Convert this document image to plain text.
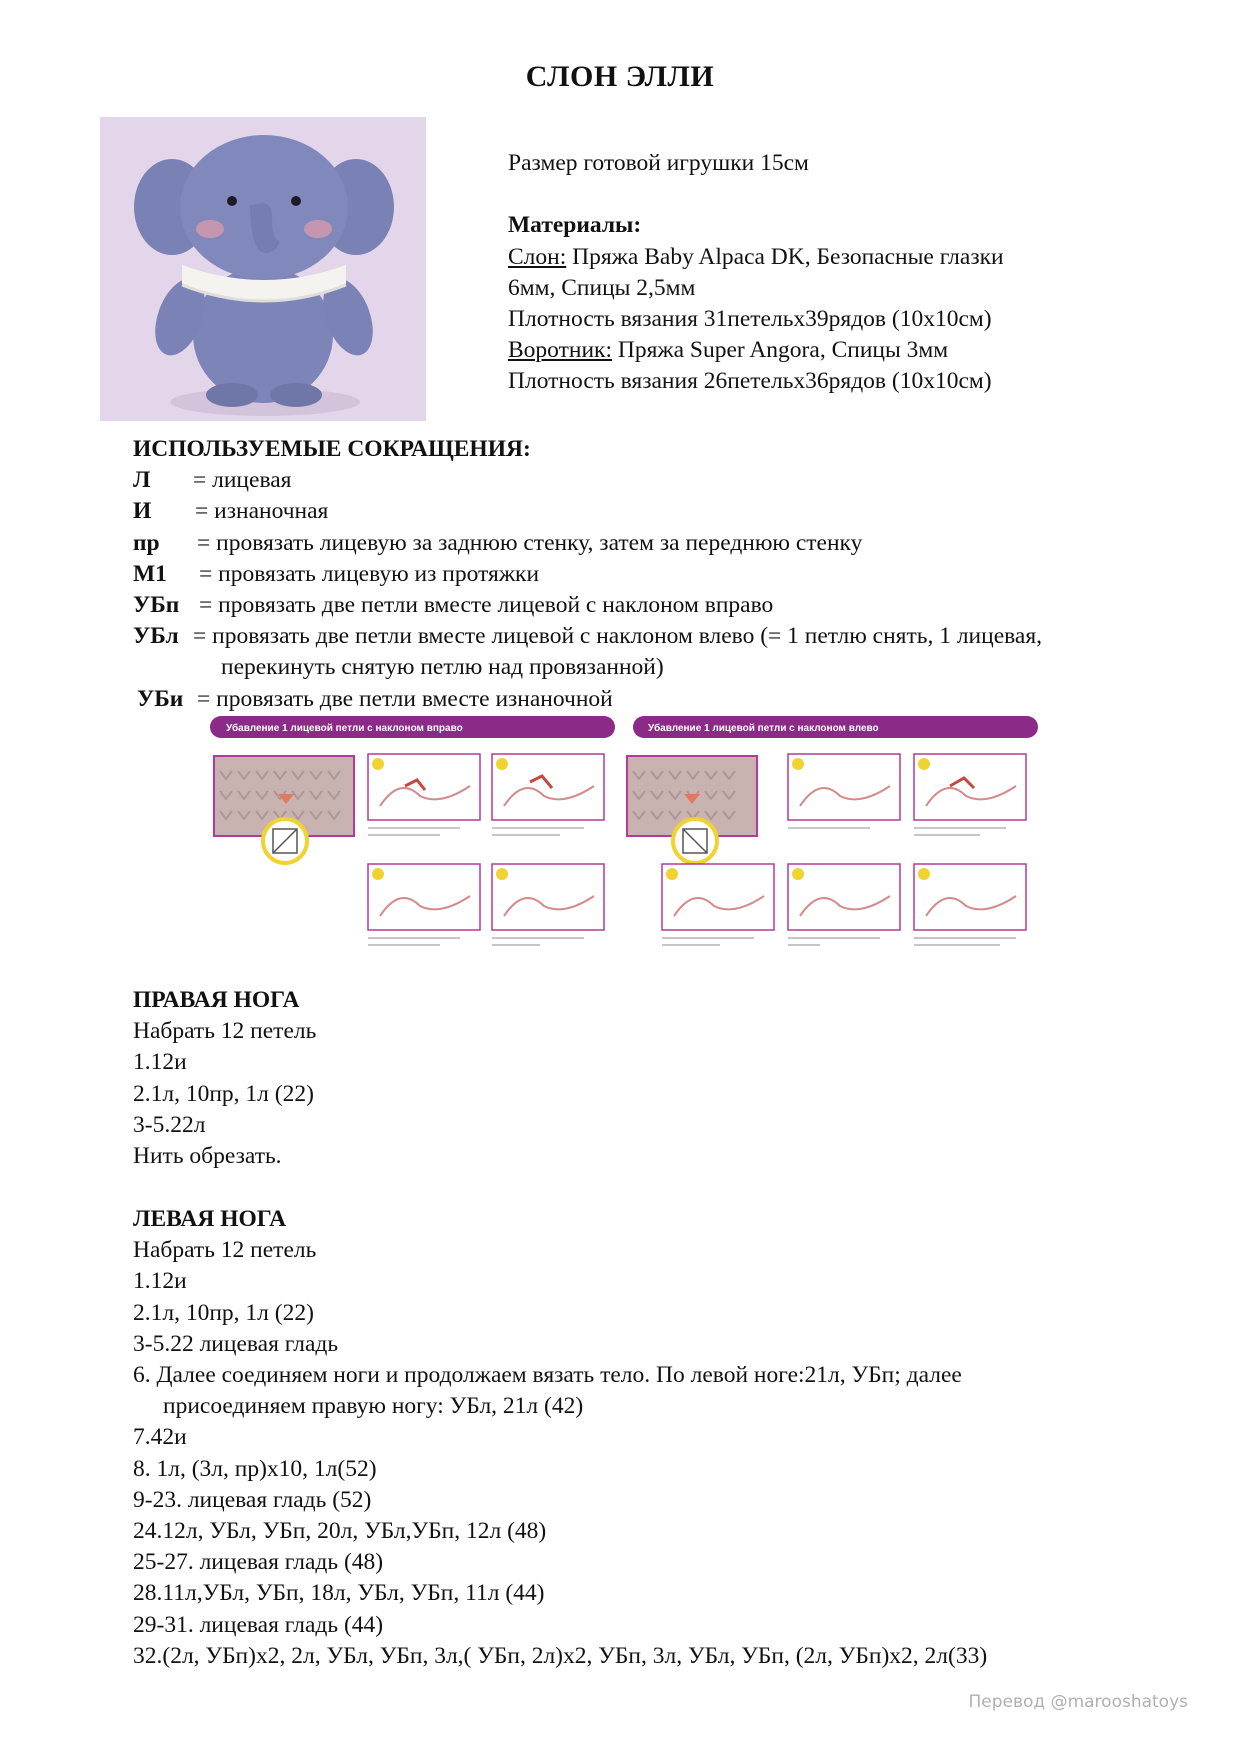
СЛОН ЭЛЛИ

Размер готовой игрушки 15см

Материалы:

Слон: Пряжа Baby Alpaca DK, Безопасные глазки

6мм, Спицы 2,5мм

Плотность вязания 31петельх39рядов (10х10см)

Воротник: Пряжа Super Angora, Спицы 3мм

Плотность вязания 26петельх36рядов (10х10см)

ИСПОЛЬЗУЕМЫЕ СОКРАЩЕНИЯ:
Л = лицевая
И = изнаночная
пр = провязать лицевую за заднюю стенку, затем за переднюю стенку
М1 = провязать лицевую из протяжки
УБп = провязать две петли вместе лицевой с наклоном вправо
УБл = провязать две петли вместе лицевой с наклоном влево (= 1 петлю снять, 1 лицевая,
перекинуть снятую петлю над провязанной)
УБи = провязать две петли вместе изнаночной
Убавление 1 лицевой петли с наклоном вправо	Убавление 1 лицевой петли с наклоном влево
ПРАВАЯ НОГА
Набрать 12 петель
1.12и
2.1л, 10пр, 1л (22)
3-5.22л
Нить обрезать.
ЛЕВАЯ НОГА
Набрать 12 петель
1.12и
2.1л, 10пр, 1л (22)
3-5.22 лицевая гладь
6. Далее соединяем ноги и продолжаем вязать тело. По левой ноге:21л, УБп; далее
присоединяем правую ногу: УБл, 21л (42)
7.42и
8. 1л, (3л, пр)х10, 1л(52)
9-23. лицевая гладь (52)
24.12л, УБл, УБп, 20л, УБл,УБп, 12л (48)
25-27. лицевая гладь (48)
28.11л,УБл, УБп, 18л, УБл, УБп, 11л (44)
29-31. лицевая гладь (44)
32.(2л, УБп)х2, 2л, УБл, УБп, 3л,( УБп, 2л)х2, УБп, 3л, УБл, УБп, (2л, УБп)х2, 2л(33)
Перевод @marooshatoys
